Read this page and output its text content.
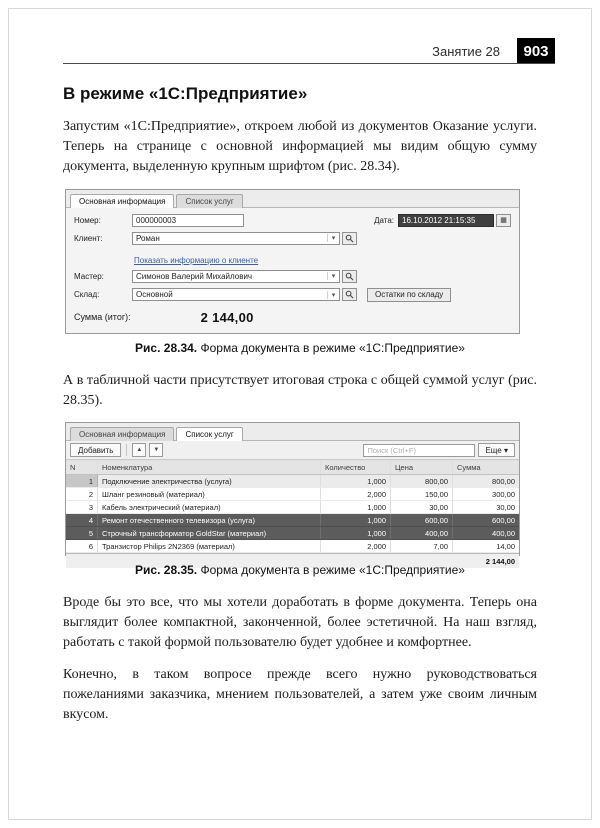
Занятие 28 903
В режиме «1С:Предприятие»

Запустим «1С:Предприятие», откроем любой из документов Оказание услуги. Теперь на странице с основной информацией мы видим общую сумму документа, выделенную крупным шрифтом (рис. 28.34).

Основная информация	Список услуг
Номер:
000000003	Дата:
16.10.2012 21:15:35	▦
Клиент:
Роман	▾
Показать информацию о клиенте
Мастер:
Симонов Валерий Михайлович	▾
Склад:
Основной	▾	Остатки по складу
Сумма (итог):	2 144,00

Рис. 28.34. Форма документа в режиме «1С:Предприятие»

А в табличной части присутствует итоговая строка с общей суммой услуг (рис. 28.35).

Основная информация	Список услуг
Добавить	▲ ▼
Поиск (Ctrl+F)	Еще ▾
N	Номенклатура	Количество	Цена	Сумма
1	Подключение электричества (услуга)	1,000	800,00	800,00
2	Шланг резиновый (материал)	2,000	150,00	300,00
3	Кабель электрический (материал)	1,000	30,00	30,00
4	Ремонт отечественного телевизора (услуга)	1,000	600,00	600,00
5	Строчный трансформатор GoldStar (материал)	1,000	400,00	400,00
6	Транзистор Philips 2N2369 (материал)	2,000	7,00	14,00
2 144,00

Рис. 28.35. Форма документа в режиме «1С:Предприятие»

Вроде бы это все, что мы хотели доработать в форме документа. Теперь она выглядит более компактной, законченной, более эстетичной. На наш взгляд, работать с такой формой пользователю будет удобнее и комфортнее.

Конечно, в таком вопросе прежде всего нужно руководствоваться пожеланиями заказчика, мнением пользователей, а затем уже своим личным вкусом.
